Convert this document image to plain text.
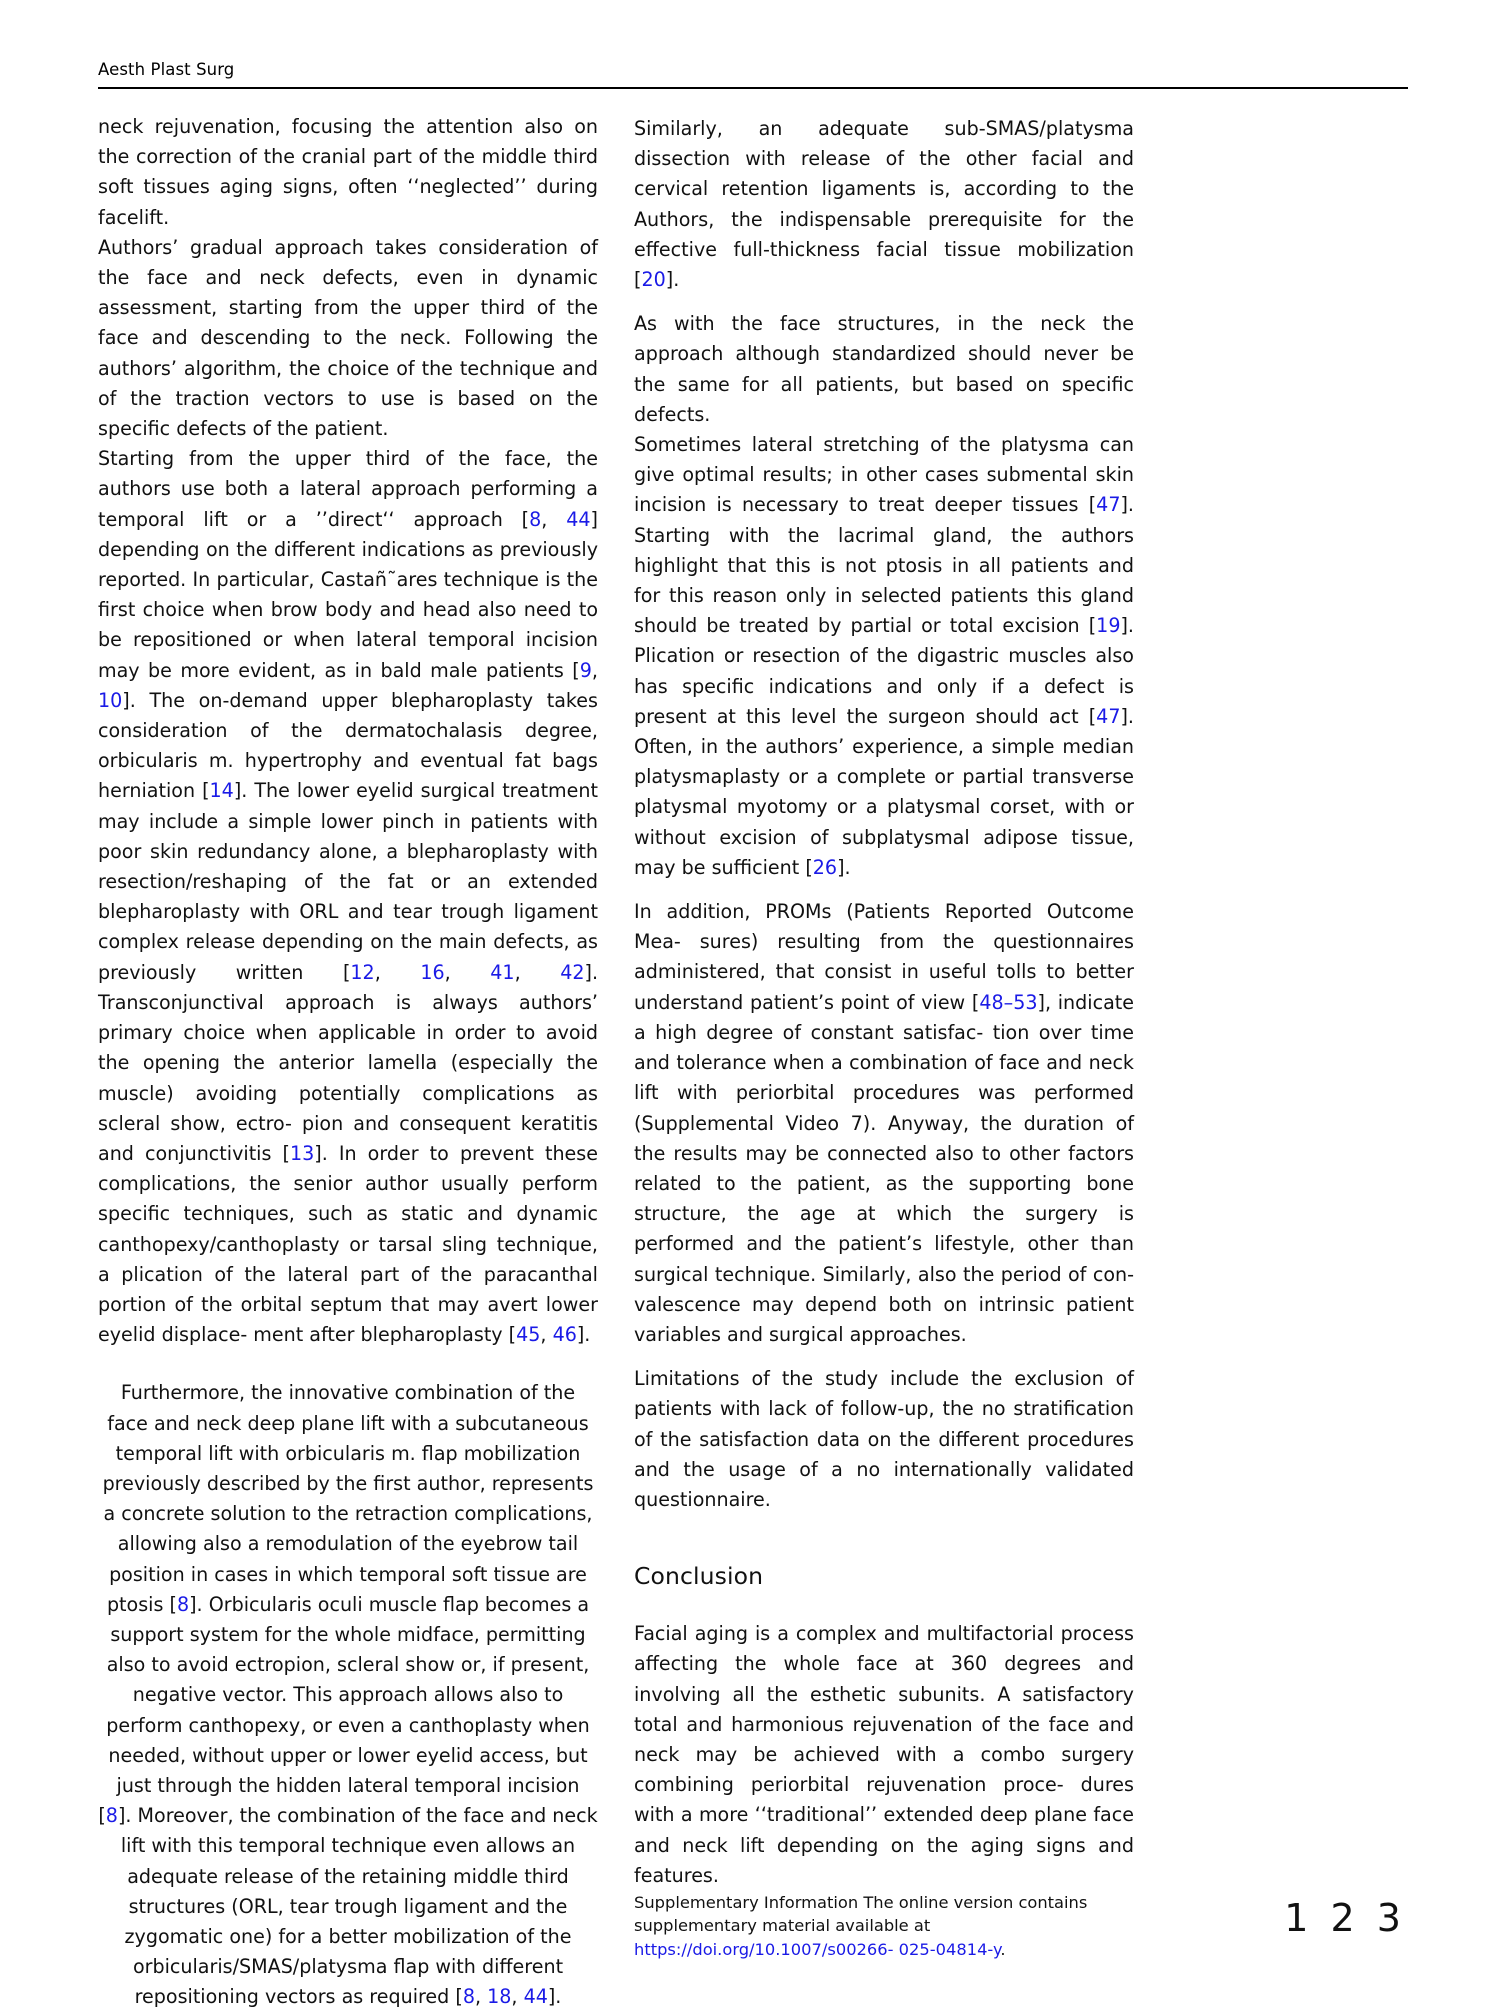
Aesth Plast Surg

neck rejuvenation, focusing the attention also on the correction of the cranial part of the middle third soft tissues aging signs, often ‘‘neglected’’ during facelift.

Authors’ gradual approach takes consideration of the face and neck defects, even in dynamic assessment, starting from the upper third of the face and descending to the neck. Following the authors’ algorithm, the choice of the technique and of the traction vectors to use is based on the specific defects of the patient.

Starting from the upper third of the face, the authors use both a lateral approach performing a temporal lift or a ’’direct‘‘ approach [8, 44] depending on the different indications as previously reported. In particular, Castañ˜ares technique is the first choice when brow body and head also need to be repositioned or when lateral temporal incision may be more evident, as in bald male patients [9, 10]. The on-demand upper blepharoplasty takes consideration of the dermatochalasis degree, orbicularis m. hypertrophy and eventual fat bags herniation [14]. The lower eyelid surgical treatment may include a simple lower pinch in patients with poor skin redundancy alone, a blepharoplasty with resection/reshaping of the fat or an extended blepharoplasty with ORL and tear trough ligament complex release depending on the main defects, as previously written [12, 16, 41, 42]. Transconjunctival approach is always authors’ primary choice when applicable in order to avoid the opening the anterior lamella (especially the muscle) avoiding potentially complications as scleral show, ectro- pion and consequent keratitis and conjunctivitis [13]. In order to prevent these complications, the senior author usually perform specific techniques, such as static and dynamic canthopexy/canthoplasty or tarsal sling technique, a plication of the lateral part of the paracanthal portion of the orbital septum that may avert lower eyelid displace- ment after blepharoplasty [45, 46].

Furthermore, the innovative combination of the face and neck deep plane lift with a subcutaneous temporal lift with orbicularis m. flap mobilization previously described by the first author, represents a concrete solution to the retraction complications, allowing also a remodulation of the eyebrow tail position in cases in which temporal soft tissue are ptosis [8]. Orbicularis oculi muscle flap becomes a support system for the whole midface, permitting also to avoid ectropion, scleral show or, if present, negative vector. This approach allows also to perform canthopexy, or even a canthoplasty when needed, without upper or lower eyelid access, but just through the hidden lateral temporal incision [8]. Moreover, the combination of the face and neck lift with this temporal technique even allows an adequate release of the retaining middle third structures (ORL, tear trough ligament and the zygomatic one) for a better mobilization of the orbicularis/SMAS/platysma flap with different repositioning vectors as required [8, 18, 44].

Similarly, an adequate sub-SMAS/platysma dissection with release of the other facial and cervical retention ligaments is, according to the Authors, the indispensable prerequisite for the effective full-thickness facial tissue mobilization [20].

As with the face structures, in the neck the approach although standardized should never be the same for all patients, but based on specific defects.

Sometimes lateral stretching of the platysma can give optimal results; in other cases submental skin incision is necessary to treat deeper tissues [47]. Starting with the lacrimal gland, the authors highlight that this is not ptosis in all patients and for this reason only in selected patients this gland should be treated by partial or total excision [19]. Plication or resection of the digastric muscles also has specific indications and only if a defect is present at this level the surgeon should act [47]. Often, in the authors’ experience, a simple median platysmaplasty or a complete or partial transverse platysmal myotomy or a platysmal corset, with or without excision of subplatysmal adipose tissue, may be sufficient [26].

In addition, PROMs (Patients Reported Outcome Mea- sures) resulting from the questionnaires administered, that consist in useful tolls to better understand patient’s point of view [48–53], indicate a high degree of constant satisfac- tion over time and tolerance when a combination of face and neck lift with periorbital procedures was performed (Supplemental Video 7). Anyway, the duration of the results may be connected also to other factors related to the patient, as the supporting bone structure, the age at which the surgery is performed and the patient’s lifestyle, other than surgical technique. Similarly, also the period of con- valescence may depend both on intrinsic patient variables and surgical approaches.

Limitations of the study include the exclusion of patients with lack of follow-up, the no stratification of the satisfaction data on the different procedures and the usage of a no internationally validated questionnaire.

Conclusion

Facial aging is a complex and multifactorial process affecting the whole face at 360 degrees and involving all the esthetic subunits. A satisfactory total and harmonious rejuvenation of the face and neck may be achieved with a combo surgery combining periorbital rejuvenation proce- dures with a more ‘‘traditional’’ extended deep plane face and neck lift depending on the aging signs and features.

Supplementary Information The online version contains supplementary material available at https://doi.org/10.1007/s00266- 025-04814-y.

1 2 3
